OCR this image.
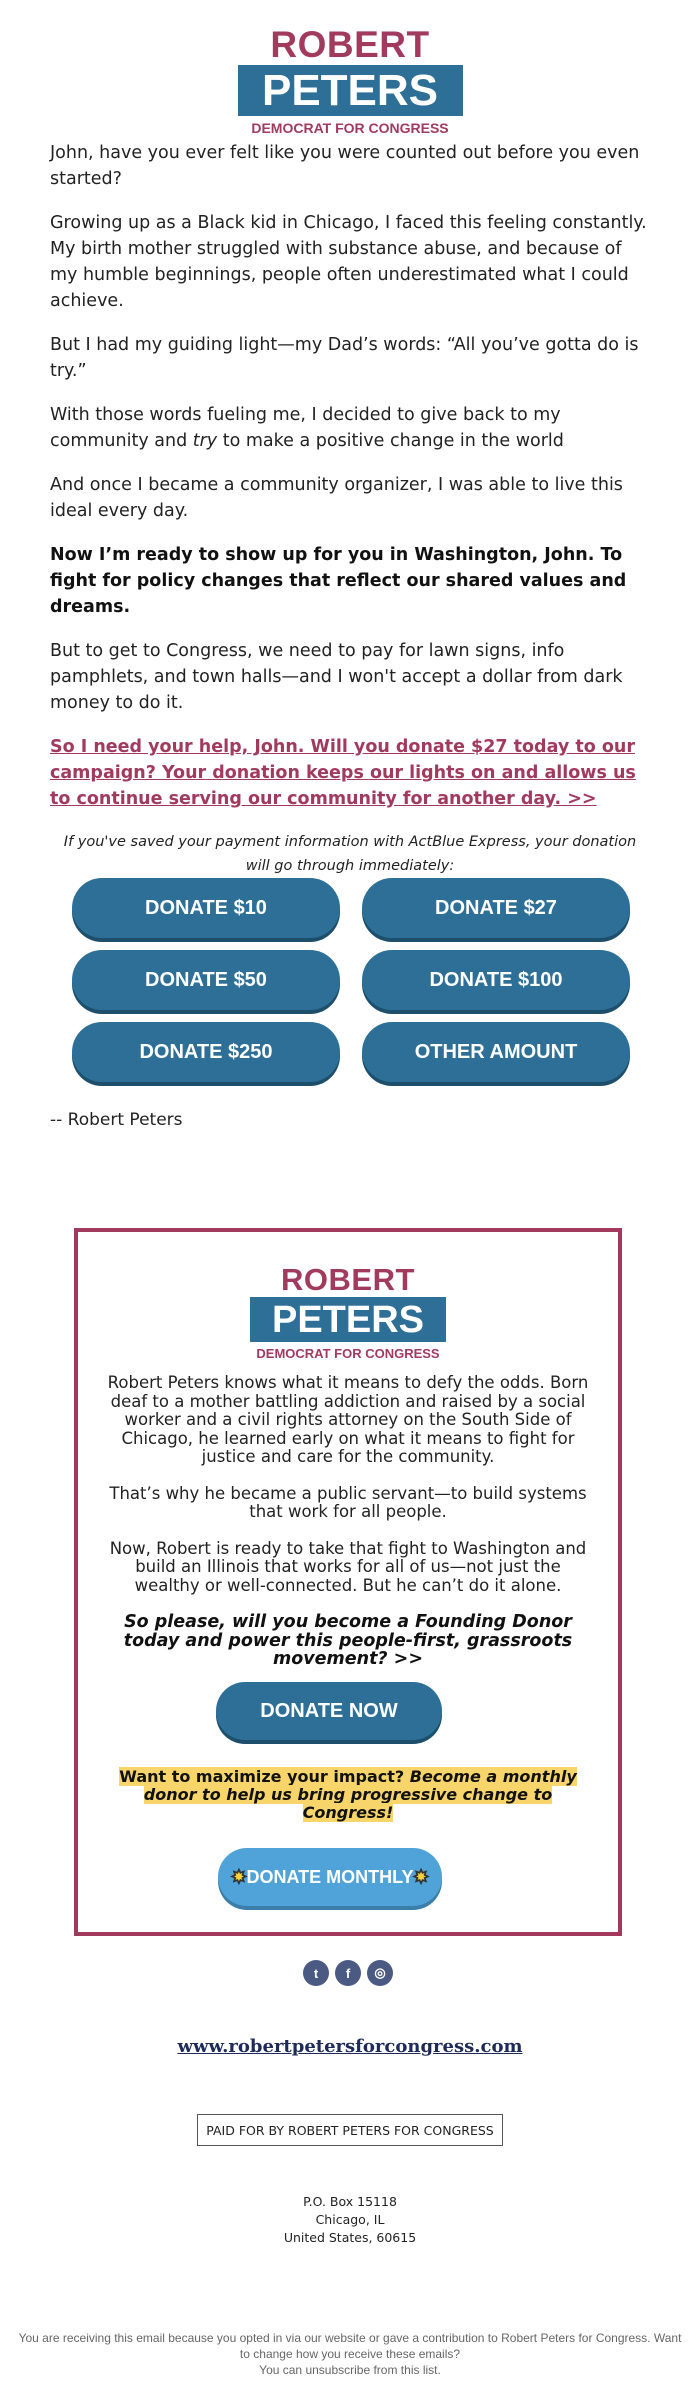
ROBERT
PETERS
DEMOCRAT FOR CONGRESS

John, have you ever felt like you were counted out before you even started?

Growing up as a Black kid in Chicago, I faced this feeling constantly. My birth mother struggled with substance abuse, and because of my humble beginnings, people often underestimated what I could achieve.

But I had my guiding light—my Dad’s words: “All you’ve gotta do is try.”

With those words fueling me, I decided to give back to my community and try to make a positive change in the world

And once I became a community organizer, I was able to live this ideal every day.

Now I’m ready to show up for you in Washington, John. To fight for policy changes that reflect our shared values and dreams.

But to get to Congress, we need to pay for lawn signs, info pamphlets, and town halls—and I won't accept a dollar from dark money to do it.

So I need your help, John. Will you donate $27 today to our campaign? Your donation keeps our lights on and allows us to continue serving our community for another day. >>

If you've saved your payment information with ActBlue Express, your donation will go through immediately:

DONATE $10	DONATE $27
DONATE $50	DONATE $100
DONATE $250	OTHER AMOUNT
-- Robert Peters
ROBERT
PETERS
DEMOCRAT FOR CONGRESS

Robert Peters knows what it means to defy the odds. Born deaf to a mother battling addiction and raised by a social worker and a civil rights attorney on the South Side of Chicago, he learned early on what it means to fight for justice and care for the community.

That’s why he became a public servant—to build systems that work for all people.

Now, Robert is ready to take that fight to Washington and build an Illinois that works for all of us—not just the wealthy or well-connected. But he can’t do it alone.

So please, will you become a Founding Donor today and power this people-first, grassroots movement? >>

DONATE NOW
Want to maximize your impact? Become a monthly donor to help us bring progressive change to Congress!
✸ DONATE MONTHLY ✸
t	f	◎
www.robertpetersforcongress.com
PAID FOR BY ROBERT PETERS FOR CONGRESS
P.O. Box 15118
Chicago, IL
United States, 60615
You are receiving this email because you opted in via our website or gave a contribution to Robert Peters for Congress. Want to change how you receive these emails?
You can unsubscribe from this list.
